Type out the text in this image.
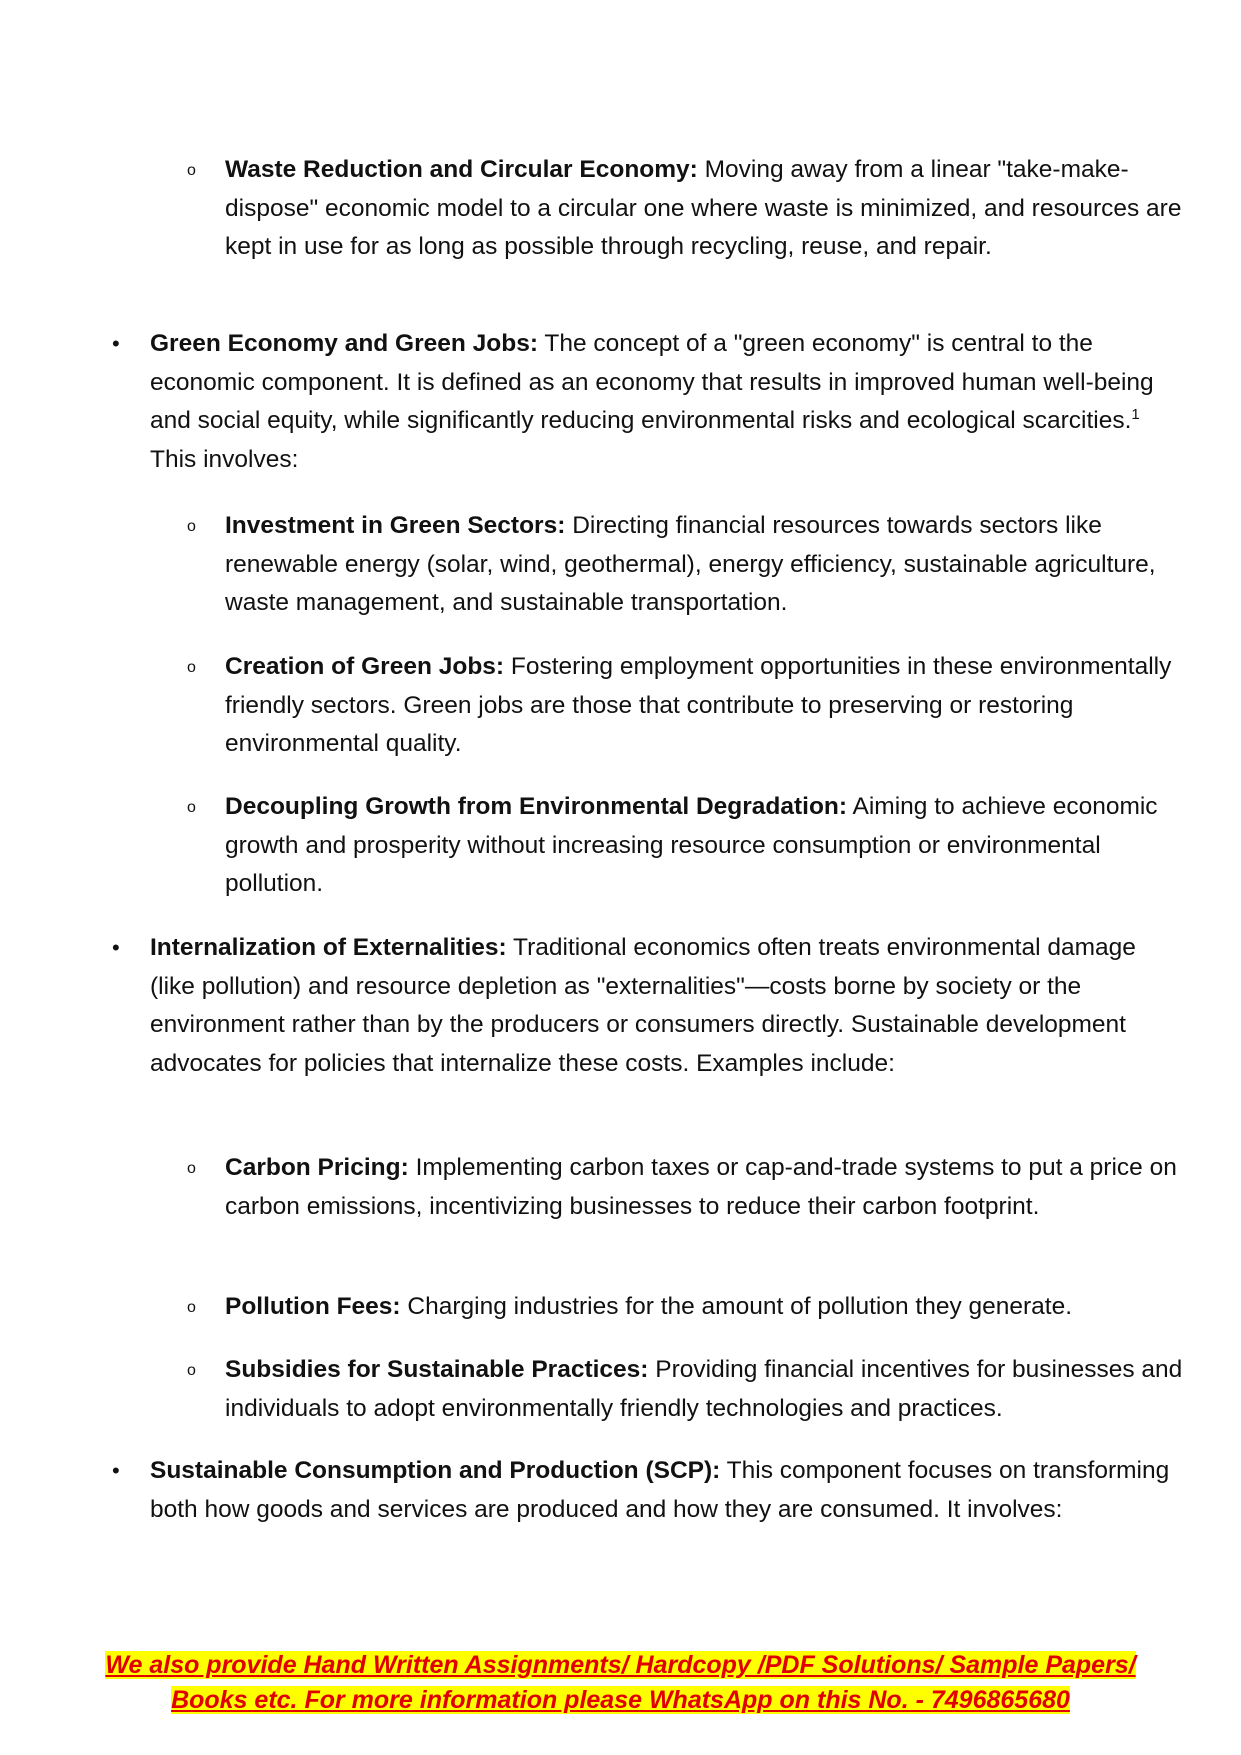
o Waste Reduction and Circular Economy: Moving away from a linear "take-make-dispose" economic model to a circular one where waste is minimized, and resources are kept in use for as long as possible through recycling, reuse, and repair.
• Green Economy and Green Jobs: The concept of a "green economy" is central to the economic component. It is defined as an economy that results in improved human well-being and social equity, while significantly reducing environmental risks and ecological scarcities.$^1$ This involves:
o Investment in Green Sectors: Directing financial resources towards sectors like renewable energy (solar, wind, geothermal), energy efficiency, sustainable agriculture, waste management, and sustainable transportation.
o Creation of Green Jobs: Fostering employment opportunities in these environmentally friendly sectors. Green jobs are those that contribute to preserving or restoring environmental quality.
o Decoupling Growth from Environmental Degradation: Aiming to achieve economic growth and prosperity without increasing resource consumption or environmental pollution.
• Internalization of Externalities: Traditional economics often treats environmental damage (like pollution) and resource depletion as "externalities"—costs borne by society or the environment rather than by the producers or consumers directly. Sustainable development advocates for policies that internalize these costs. Examples include:
o Carbon Pricing: Implementing carbon taxes or cap-and-trade systems to put a price on carbon emissions, incentivizing businesses to reduce their carbon footprint.
o Pollution Fees: Charging industries for the amount of pollution they generate.
o Subsidies for Sustainable Practices: Providing financial incentives for businesses and individuals to adopt environmentally friendly technologies and practices.
• Sustainable Consumption and Production (SCP): This component focuses on transforming both how goods and services are produced and how they are consumed. It involves:
We also provide Hand Written Assignments/ Hardcopy /PDF Solutions/ Sample Papers/
Books etc. For more information please WhatsApp on this No. - 7496865680
